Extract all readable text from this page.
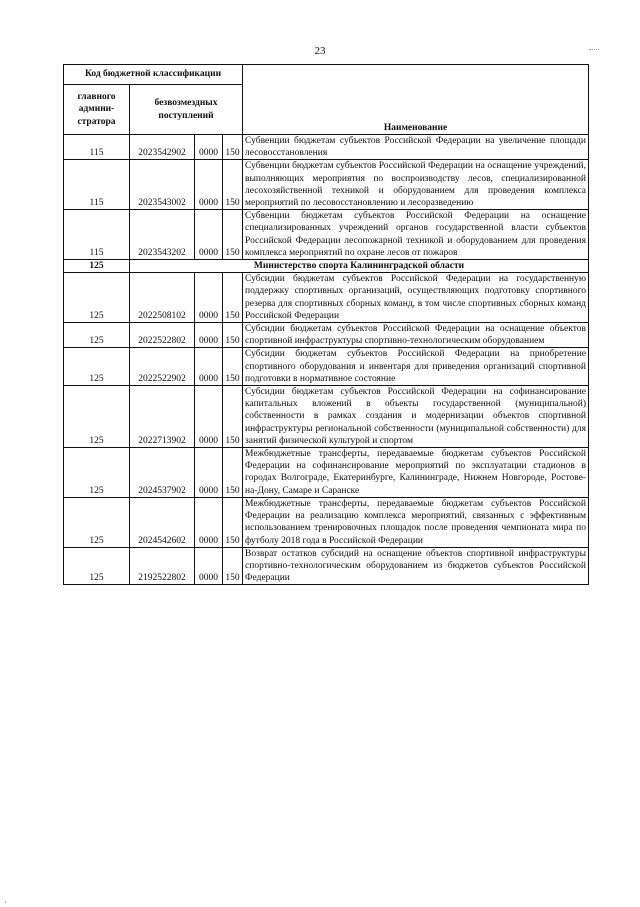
23
·
Код бюджетной классификации				Наименование
главного админи-стратора	безвозмездных поступлений			
115	2023542902	0000	150	Субвенции бюджетам субъектов Российской Федерации на увеличение площади лесовосстановления
115	2023543002	0000	150	Субвенции бюджетам субъектов Российской Федерации на оснащение учреждений, выполняющих мероприятия по воспроизводству лесов, специализированной лесохозяйственной техникой и оборудованием для проведения комплекса мероприятий по лесовосстановлению и лесоразведению
115	2023543202	0000	150	Субвенции бюджетам субъектов Российской Федерации на оснащение специализированных учреждений органов государственной власти субъектов Российской Федерации лесопожарной техникой и оборудованием для проведения комплекса мероприятий по охране лесов от пожаров
125	Министерство спорта Калининградской области			
125	2022508102	0000	150	Субсидии бюджетам субъектов Российской Федерации на государственную поддержку спортивных организаций, осуществляющих подготовку спортивного резерва для спортивных сборных команд, в том числе спортивных сборных команд Российской Федерации
125	2022522802	0000	150	Субсидии бюджетам субъектов Российской Федерации на оснащение объектов спортивной инфраструктуры спортивно-технологическим оборудованием
125	2022522902	0000	150	Субсидии бюджетам субъектов Российской Федерации на приобретение спортивного оборудования и инвентаря для приведения организаций спортивной подготовки в нормативное состояние
125	2022713902	0000	150	Субсидии бюджетам субъектов Российской Федерации на софинансирование капитальных вложений в объекты государственной (муниципальной) собственности в рамках создания и модернизации объектов спортивной инфраструктуры региональной собственности (муниципальной собственности) для занятий физической культурой и спортом
125	2024537902	0000	150	Межбюджетные трансферты, передаваемые бюджетам субъектов Российской Федерации на софинансирование мероприятий по эксплуатации стадионов в городах Волгограде, Екатеринбурге, Калининграде, Нижнем Новгороде, Ростове-на-Дону, Самаре и Саранске
125	2024542602	0000	150	Межбюджетные трансферты, передаваемые бюджетам субъектов Российской Федерации на реализацию комплекса мероприятий, связанных с эффективным использованием тренировочных площадок после проведения чемпионата мира по футболу 2018 года в Российской Федерации
125	2192522802	0000	150	Возврат остатков субсидий на оснащение объектов спортивной инфраструктуры спортивно-технологическим оборудованием из бюджетов субъектов Российской Федерации
